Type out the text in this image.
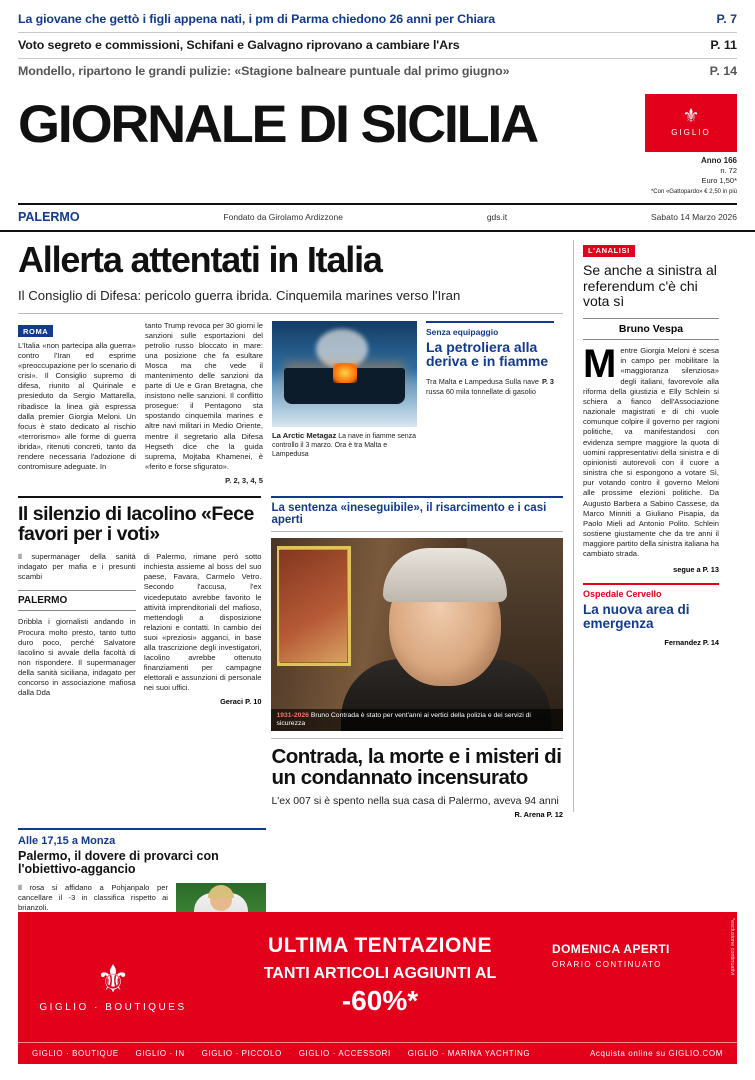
La giovane che gettò i figli appena nati, i pm di Parma chiedono 26 anni per Chiara	P. 7
Voto segreto e commissioni, Schifani e Galvagno riprovano a cambiare l'Ars	P. 11
Mondello, ripartono le grandi pulizie: «Stagione balneare puntuale dal primo giugno»	P. 14
GIORNALE DI SICILIA	⚜
GIGLIO
Anno 166
n. 72
Euro 1,50*
*Con «Gattopardo» € 2,50 in più
PALERMO	Fondato da Girolamo Ardizzone	gds.it	Sabato 14 Marzo 2026
Allerta attentati in Italia
Il Consiglio di Difesa: pericolo guerra ibrida. Cinquemila marines verso l'Iran
ROMA
L'Italia «non partecipa alla guerra» contro l'Iran ed esprime «preoccupazione per lo scenario di crisi». Il Consiglio supremo di difesa, riunito al Quirinale e presieduto da Sergio Mattarella, ribadisce la linea già espressa dalla premier Giorgia Meloni. Un focus è stato dedicato al rischio «terrorismo» alle forme di guerra ibrida», ritenuti concreti, tanto da rendere necessaria l'adozione di contromisure adeguate. In
tanto Trump revoca per 30 giorni le sanzioni sulle esportazioni del petrolio russo bloccato in mare: una posizione che fa esultare Mosca ma che vede il mantenimento delle sanzioni da parte di Ue e Gran Bretagna, che insistono nelle sanzioni. Il conflitto prosegue: il Pentagono sta spostando cinquemila marines e altre navi militari in Medio Oriente, mentre il segretario alla Difesa Hegseth dice che la guida suprema, Mojtaba Khamenei, è «ferito e forse sfigurato».
P. 2, 3, 4, 5
La Arctic Metagaz La nave in fiamme senza controllo il 3 marzo. Ora è tra Malta e Lampedusa
Senza equipaggio
La petroliera alla deriva e in fiamme
P. 3
Tra Malta e Lampedusa Sulla nave russa 60 mila tonnellate di gasolio
Il silenzio di Iacolino «Fece favori per i voti»
Il supermanager della sanità indagato per mafia e i presunti scambi
PALERMO
Dribbla i giornalisti andando in Procura molto presto, tanto tutto duro poco, perché Salvatore Iacolino si avvale della facoltà di non rispondere. Il supermanager della sanità siciliana, indagato per concorso in associazione mafiosa dalla Dda
di Palermo, rimane però sotto inchiesta assieme al boss del suo paese, Favara, Carmelo Vetro. Secondo l'accusa, l'ex vicedeputato avrebbe favorito le attività imprenditoriali del mafioso, mettendogli a disposizione relazioni e contatti. In cambio dei suoi «preziosi» agganci, in base alla trascrizione degli investigatori, Iacolino avrebbe ottenuto finanziamenti per campagne elettorali e assunzioni di personale nei suoi uffici.
Geraci P. 10
La sentenza «ineseguibile», il risarcimento e i casi aperti
1931-2026 Bruno Contrada è stato per vent'anni ai vertici della polizia e dei servizi di sicurezza
Contrada, la morte e i misteri di un condannato incensurato
L'ex 007 si è spento nella sua casa di Palermo, aveva 94 anni
R. Arena P. 12
Alle 17,15 a Monza
Palermo, il dovere di provarci con l'obiettivo-aggancio
Il rosa si affidano a Pohjanpalo per cancellare il -3 in classifica rispetto ai brianzoli.
L'ANALISI
Se anche a sinistra al referendum c'è chi vota sì
Bruno Vespa
M entre Giorgia Meloni è scesa in campo per mobilitare la «maggioranza silenziosa» degli italiani, favorevole alla riforma della giustizia e Elly Schlein si schiera a fianco dell'Associazione nazionale magistrati e di chi vuole comunque colpire il governo per ragioni politiche, va manifestandosi con evidenza sempre maggiore la quota di uomini rappresentativi della sinistra e di opinionisti autorevoli con il cuore a sinistra che si espongono a votare Sì, pur votando contro il governo Meloni alle prossime elezioni politiche. Da Augusto Barbera a Sabino Cassese, da Marco Minniti a Giuliano Pisapia, da Paolo Mieli ad Antonio Polito. Schlein sostiene giustamente che da tre anni il maggiore partito della sinistra italiana ha cambiato strada.
segue a P. 13
Ospedale Cervello
La nuova area di emergenza
Fernandez P. 14
⚜
GIGLIO · BOUTIQUES
ULTIMA TENTAZIONE
TANTI ARTICOLI AGGIUNTI AL
-60%*
DOMENICA APERTI
ORARIO CONTINUATO	*esclusione continuativi
GIGLIO · BOUTIQUE GIGLIO · IN GIGLIO · PICCOLO GIGLIO · ACCESSORI GIGLIO · MARINA YACHTING	Acquista online su GIGLIO.COM
